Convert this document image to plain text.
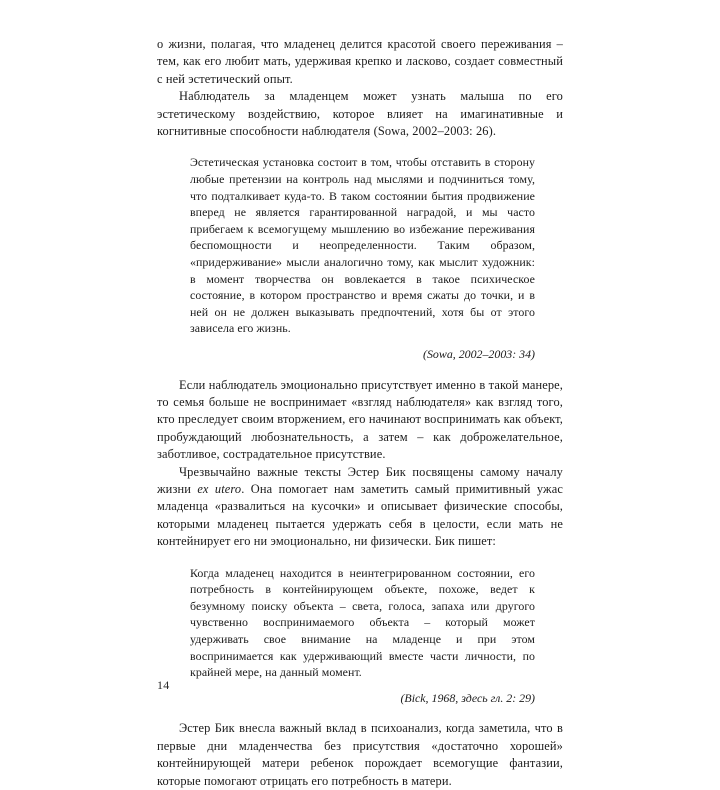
о жизни, полагая, что младенец делится красотой своего переживания – тем, как его любит мать, удерживая крепко и ласково, создает совместный с ней эстетический опыт.

Наблюдатель за младенцем может узнать малыша по его эстетическому воздействию, которое влияет на имагинативные и когнитивные способности наблюдателя (Sowa, 2002–2003: 26).

Эстетическая установка состоит в том, чтобы отставить в сторону любые претензии на контроль над мыслями и подчиниться тому, что подталкивает куда-то. В таком состоянии бытия продвижение вперед не является гарантированной наградой, и мы часто прибегаем к всемогущему мышлению во избежание переживания беспомощности и неопределенности. Таким образом, «придерживание» мысли аналогично тому, как мыслит художник: в момент творчества он вовлекается в такое психическое состояние, в котором пространство и время сжаты до точки, и в ней он не должен выказывать предпочтений, хотя бы от этого зависела его жизнь.

(Sowa, 2002–2003: 34)

Если наблюдатель эмоционально присутствует именно в такой манере, то семья больше не воспринимает «взгляд наблюдателя» как взгляд того, кто преследует своим вторжением, его начинают воспринимать как объект, пробуждающий любознательность, а затем – как доброжелательное, заботливое, сострадательное присутствие.

Чрезвычайно важные тексты Эстер Бик посвящены самому началу жизни ex utero. Она помогает нам заметить самый примитивный ужас младенца «развалиться на кусочки» и описывает физические способы, которыми младенец пытается удержать себя в целости, если мать не контейнирует его ни эмоционально, ни физически. Бик пишет:

Когда младенец находится в неинтегрированном состоянии, его потребность в контейнирующем объекте, похоже, ведет к безумному поиску объекта – света, голоса, запаха или другого чувственно воспринимаемого объекта – который может удерживать свое внимание на младенце и при этом воспринимается как удерживающий вместе части личности, по крайней мере, на данный момент.

(Bick, 1968, здесь гл. 2: 29)

Эстер Бик внесла важный вклад в психоанализ, когда заметила, что в первые дни младенчества без присутствия «достаточно хорошей» контейнирующей матери ребенок порождает всемогущие фантазии, которые помогают отрицать его потребность в матери.

14
